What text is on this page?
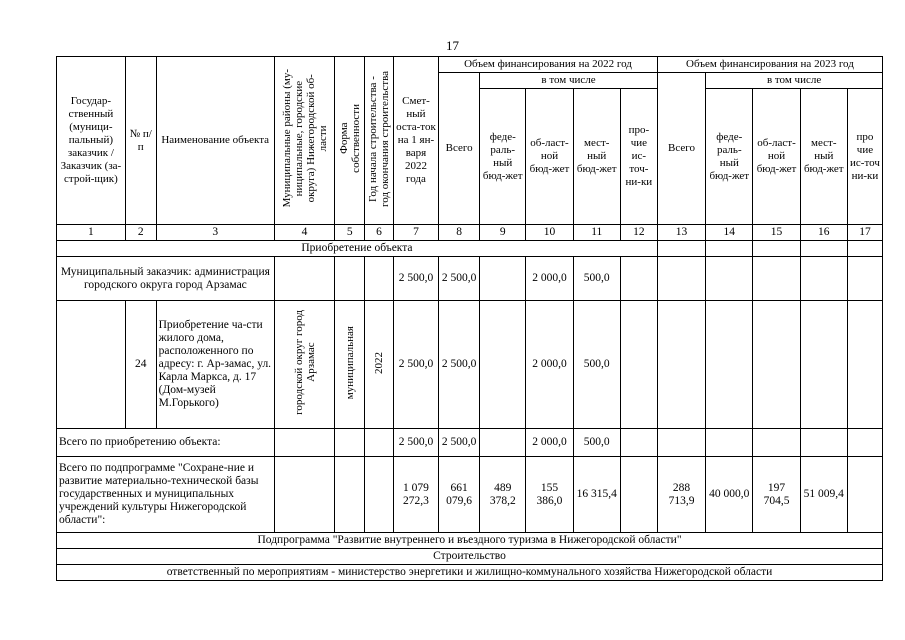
17
Государ-ственный (муници-пальный) заказчик / Заказчик (за-строй-щик)	№ п/п	Наименование объекта	Муниципальные районы (му-
ниципальные, городские
округа) Нижегородской об-
ласти	Форма
собственности	Год начала строительства -
год окончания строительства	Смет-ный оста-ток на 1 ян-варя 2022 года	Объем финансирования на 2022 год					Объем финансирования на 2023 год				
							Всего	в том числе				Всего	в том числе			
								феде-раль-ный бюд-жет	об-ласт-ной бюд-жет	мест-ный бюд-жет	про-чие ис-точ-ни-ки		феде-раль-ный бюд-жет	об-ласт-ной бюд-жет	мест-ный бюд-жет	про чие ис-точ ни-ки
1	2	3	4	5	6	7	8	9	10	11	12	13	14	15	16	17
Приобретение объекта																
Муниципальный заказчик: администрация городского округа город Арзамас						2 500,0	2 500,0		2 000,0	500,0						
	24	Приобретение ча-сти жилого дома, расположенного по адресу: г. Ар-замас, ул. Карла Маркса, д. 17 (Дом-музей М.Горького)	городской округ город
Арзамас	муниципальная	2022	2 500,0	2 500,0		2 000,0	500,0						
Всего по приобретению объекта:						2 500,0	2 500,0		2 000,0	500,0						
Всего по подпрограмме "Сохране-ние и развитие материально-технической базы государственных и муниципальных учреждений культуры Нижегородской области":						1 079 272,3	661 079,6	489 378,2	155 386,0	16 315,4		288 713,9	40 000,0	197 704,5	51 009,4	
Подпрограмма "Развитие внутреннего и въездного туризма в Нижегородской области"																
Строительство																
ответственный по мероприятиям - министерство энергетики и жилищно-коммунального хозяйства Нижегородской области																
